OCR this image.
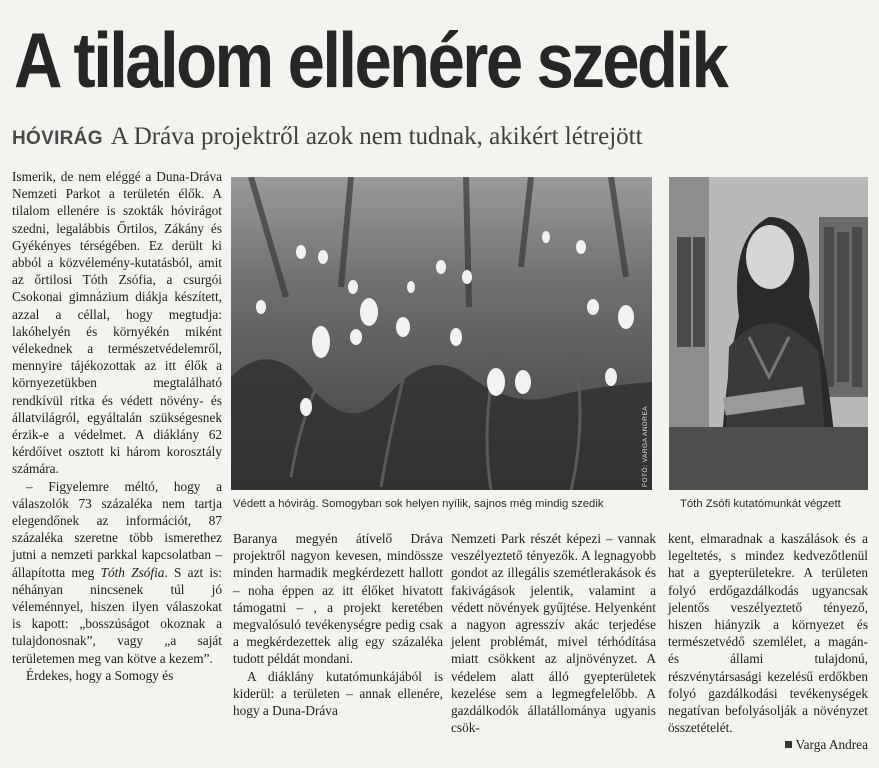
A tilalom ellenére szedik
HÓVIRÁG A Dráva projektről azok nem tudnak, akikért létrejött

Ismerik, de nem eléggé a Duna-Dráva Nemzeti Parkot a területén élők. A tilalom ellenére is szokták hóvirágot szedni, legalábbis Őrtilos, Zákány és Gyékényes térségében. Ez derült ki abból a közvélemény-kutatásból, amit az őrtilosi Tóth Zsófia, a csurgói Csokonai gimnázium diákja készített, azzal a céllal, hogy megtudja: lakóhelyén és környékén miként vélekednek a természetvédelemről, mennyire tájékozottak az itt élők a környezetükben megtalálható rendkívül ritka és védett növény- és állatvilágról, egyáltalán szükségesnek érzik-e a védelmet. A diáklány 62 kérdőívet osztott ki három korosztály számára.

– Figyelemre méltó, hogy a válaszolók 73 százaléka nem tartja elegendőnek az információt, 87 százaléka szeretne több ismerethez jutni a nemzeti parkkal kapcsolatban – állapította meg Tóth Zsófia. S azt is: néhányan nincsenek túl jó véleménnyel, hiszen ilyen válaszokat is kapott: „bosszúságot okoznak a tulajdonosnak”, vagy „a saját területemen meg van kötve a kezem”.

Érdekes, hogy a Somogy és

FOTÓ: VARGA ANDREA
Védett a hóvirág. Somogyban sok helyen nyílik, sajnos még mindig szedik	Tóth Zsófi kutatómunkát végzett

Baranya megyén átívelő Dráva projektről nagyon kevesen, mindössze minden harmadik megkérdezett hallott – noha éppen az itt élőket hivatott támogatni – , a projekt keretében megvalósuló tevékenységre pedig csak a megkérdezettek alig egy százaléka tudott példát mondani.

A diáklány kutatómunkájából is kiderül: a területen – annak ellenére, hogy a Duna-Dráva

Nemzeti Park részét képezi – vannak veszélyeztető tényezők. A legnagyobb gondot az illegális szemétlerakások és fakivágások jelentik, valamint a védett növények gyűjtése. Helyenként a nagyon agresszív akác terjedése jelent problémát, mivel térhódítása miatt csökkent az aljnövényzet. A védelem alatt álló gyepterületek kezelése sem a legmegfelelőbb. A gazdálkodók állatállománya ugyanis csök-

kent, elmaradnak a kaszálások és a legeltetés, s mindez kedvezőtlenül hat a gyepterületekre. A területen folyó erdőgazdálkodás ugyancsak jelentős veszélyeztető tényező, hiszen hiányzik a környezet és természetvédő szemlélet, a magán- és állami tulajdonú, részvénytársasági kezelésű erdőkben folyó gazdálkodási tevékenységek negatívan befolyásolják a növényzet összetételét.

Varga Andrea
